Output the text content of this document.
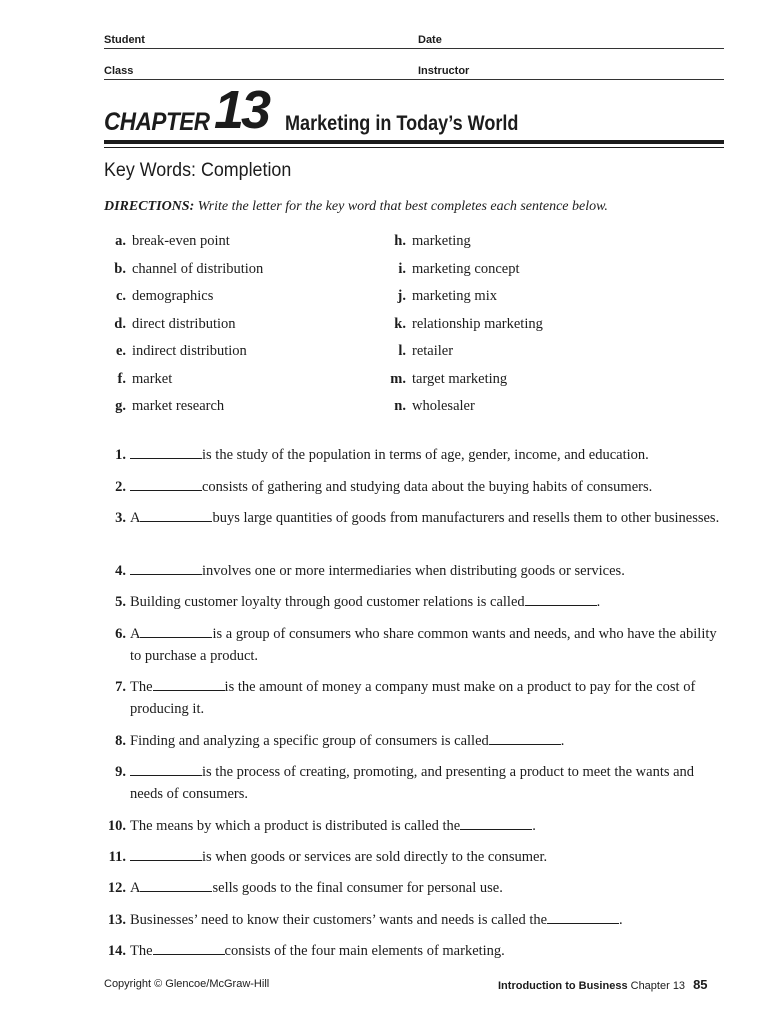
Student	Date
Class	Instructor
CHAPTER 13 Marketing in Today’s World
Key Words: Completion
DIRECTIONS: Write the letter for the key word that best completes each sentence below.
a. break-even point
b. channel of distribution
c. demographics
d. direct distribution
e. indirect distribution
f. market
g. market research
h. marketing
i. marketing concept
j. marketing mix
k. relationship marketing
l. retailer
m. target marketing
n. wholesaler
1.	is the study of the population in terms of age, gender, income, and education.
2.	consists of gathering and studying data about the buying habits of consumers.
3. A	buys large quantities of goods from manufacturers and resells them to other businesses.
4.	involves one or more intermediaries when distributing goods or services.
5. Building customer loyalty through good customer relations is called	.
6. A	is a group of consumers who share common wants and needs, and who have the ability to purchase a product.
7. The	is the amount of money a company must make on a product to pay for the cost of producing it.
8. Finding and analyzing a specific group of consumers is called	.
9.	is the process of creating, promoting, and presenting a product to meet the wants and needs of consumers.
10. The means by which a product is distributed is called the	.
11.	is when goods or services are sold directly to the consumer.
12. A	sells goods to the final consumer for personal use.
13. Businesses’ need to know their customers’ wants and needs is called the	.
14. The	consists of the four main elements of marketing.
Copyright © Glencoe/McGraw-Hill	Introduction to Business Chapter 13 85
